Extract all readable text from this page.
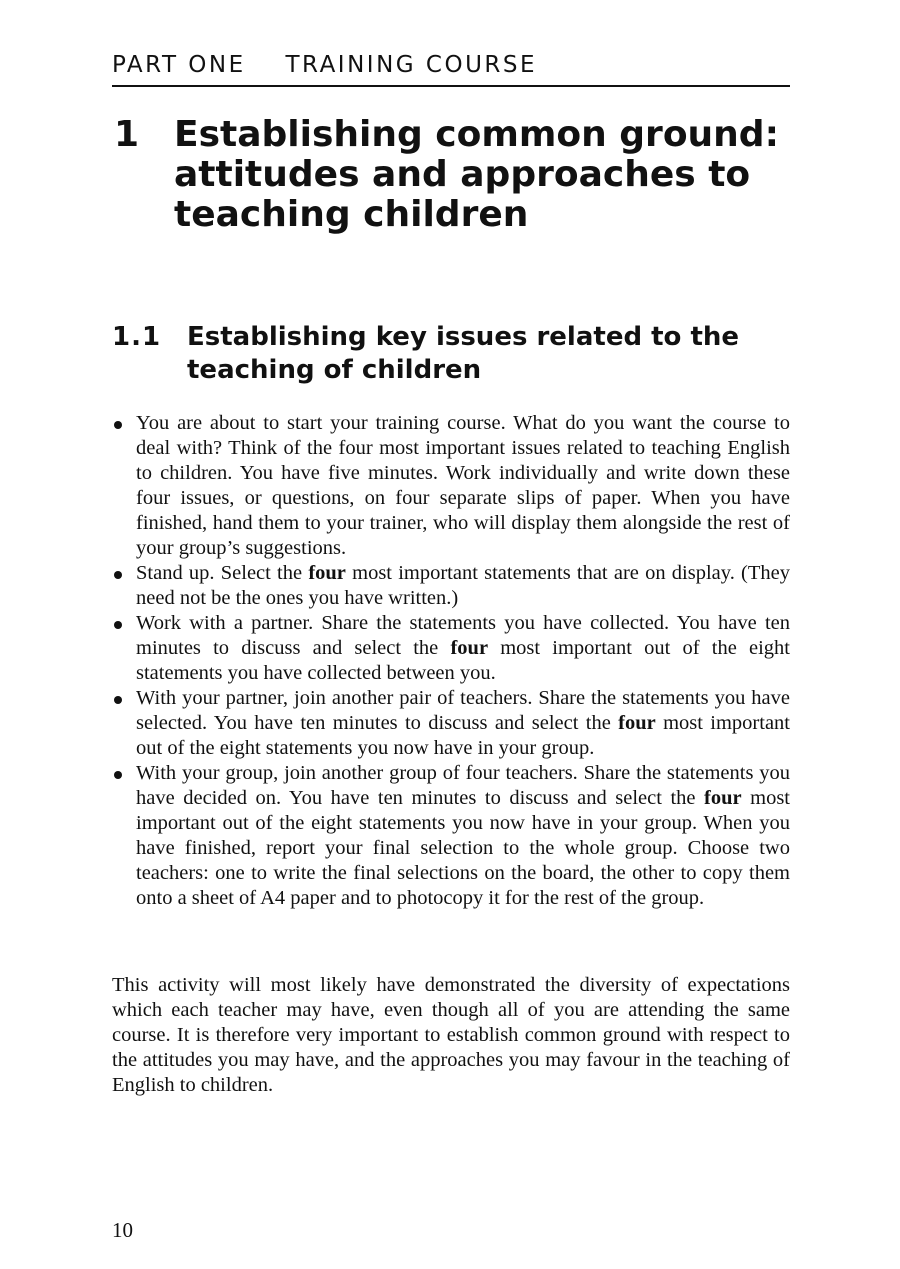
PART ONE TRAINING COURSE
1 Establishing common ground:
attitudes and approaches to
teaching children
1.1 Establishing key issues related to the
teaching of children
You are about to start your training course. What do you want the course to deal with? Think of the four most important issues related to teaching English to children. You have five minutes. Work individually and write down these four issues, or questions, on four separate slips of paper. When you have finished, hand them to your trainer, who will display them alongside the rest of your group’s suggestions.
Stand up. Select the four most important statements that are on display. (They need not be the ones you have written.)
Work with a partner. Share the statements you have collected. You have ten minutes to discuss and select the four most important out of the eight statements you have collected between you.
With your partner, join another pair of teachers. Share the statements you have selected. You have ten minutes to discuss and select the four most important out of the eight statements you now have in your group.
With your group, join another group of four teachers. Share the statements you have decided on. You have ten minutes to discuss and select the four most important out of the eight statements you now have in your group. When you have finished, report your final selection to the whole group. Choose two teachers: one to write the final selections on the board, the other to copy them onto a sheet of A4 paper and to photocopy it for the rest of the group.

This activity will most likely have demonstrated the diversity of expectations which each teacher may have, even though all of you are attending the same course. It is therefore very important to establish common ground with respect to the attitudes you may have, and the approaches you may favour in the teaching of English to children.

10
